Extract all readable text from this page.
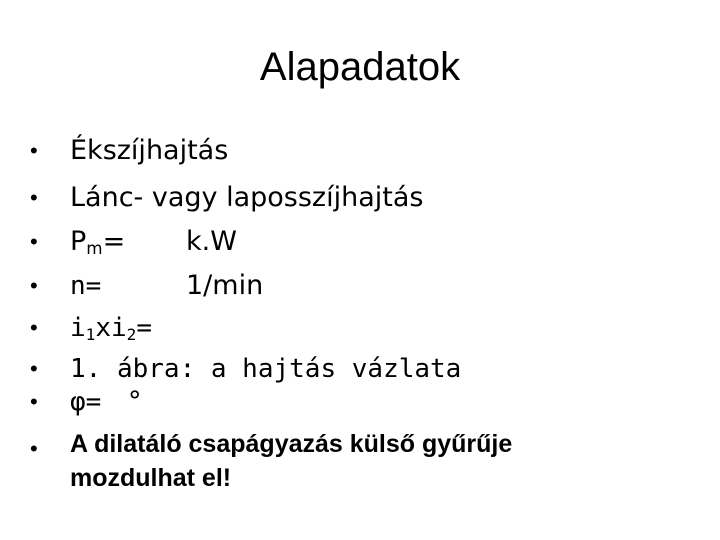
Alapadatok
• Ékszíjhajtás
• Lánc- vagy laposszíjhajtás
• $P_m= k.W$
• n=	1/min
• $i_1xi_2=$
• 1. ábra: a hajtás vázlata
• φ= °
• A dilatáló csapágyazás külső gyűrűje
mozdulhat el!
